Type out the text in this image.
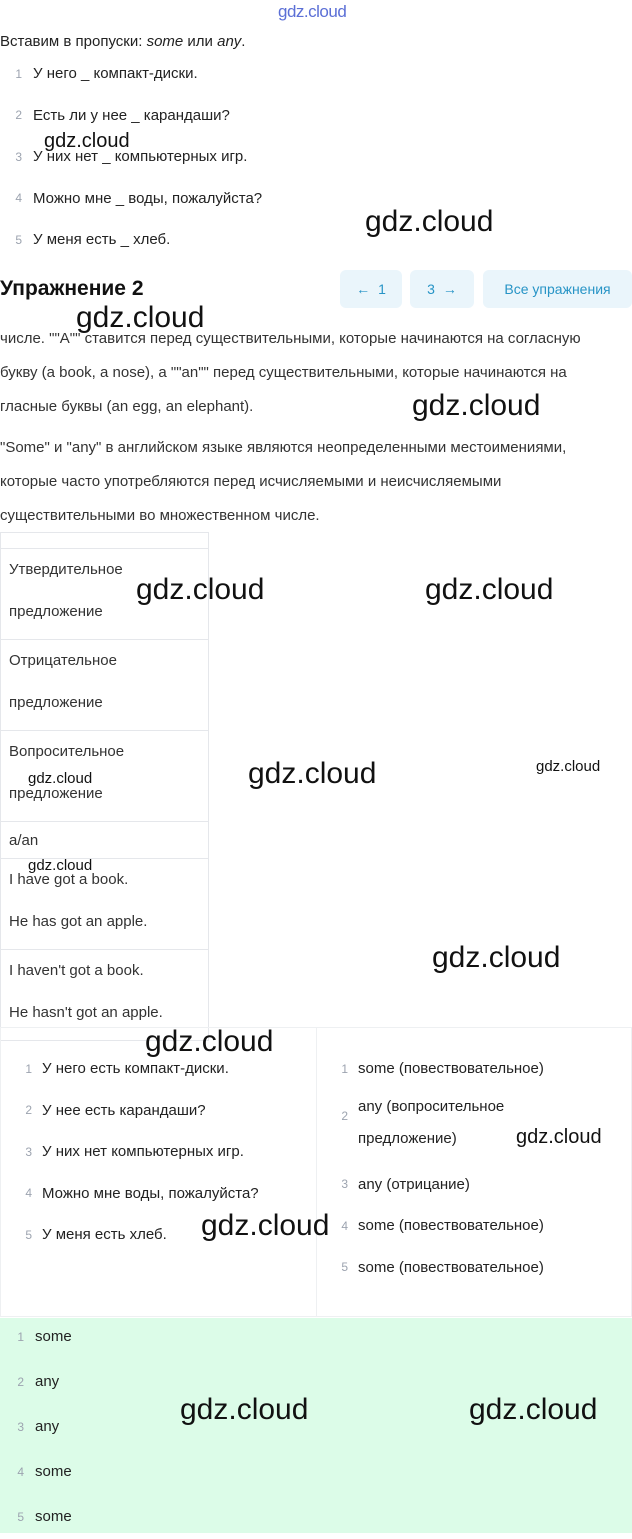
gdz.cloud
Вставим в пропуски: some или any.
1 У него _ компакт-диски.
2 Есть ли у нее _ карандаши?
3 У них нет _ компьютерных игр.
4 Можно мне _ воды, пожалуйста?
5 У меня есть _ хлеб.
Упражнение 2	← 1	3 →	Все упражнения

числе. ""A"" ставится перед существительными, которые начинаются на согласную букву (a book, a nose), а ""an"" перед существительными, которые начинаются на гласные буквы (an egg, an elephant).

"Some" и "any" в английском языке являются неопределенными местоимениями, которые часто употребляются перед исчисляемыми и неисчисляемыми существительными во множественном числе.

Утвердительное
предложение
Отрицательное
предложение
Вопросительное
предложение
a/an
I have got a book.
He has got an apple.
I haven't got a book.
He hasn't got an apple.
1 У него есть компакт-диски.
2 У нее есть карандаши?
3 У них нет компьютерных игр.
4 Можно мне воды, пожалуйста?
5 У меня есть хлеб.
1 some (повествовательное)
2
any (вопросительное
предложение)
3 any (отрицание)
4 some (повествовательное)
5 some (повествовательное)
1 some
2 any
3 any
4 some
5 some
gdz.cloud
gdz.cloud
gdz.cloud
gdz.cloud
gdz.cloud	gdz.cloud
gdz.cloud	gdz.cloud
gdz.cloud
gdz.cloud
gdz.cloud
gdz.cloud
gdz.cloud
gdz.cloud
gdz.cloud	gdz.cloud
